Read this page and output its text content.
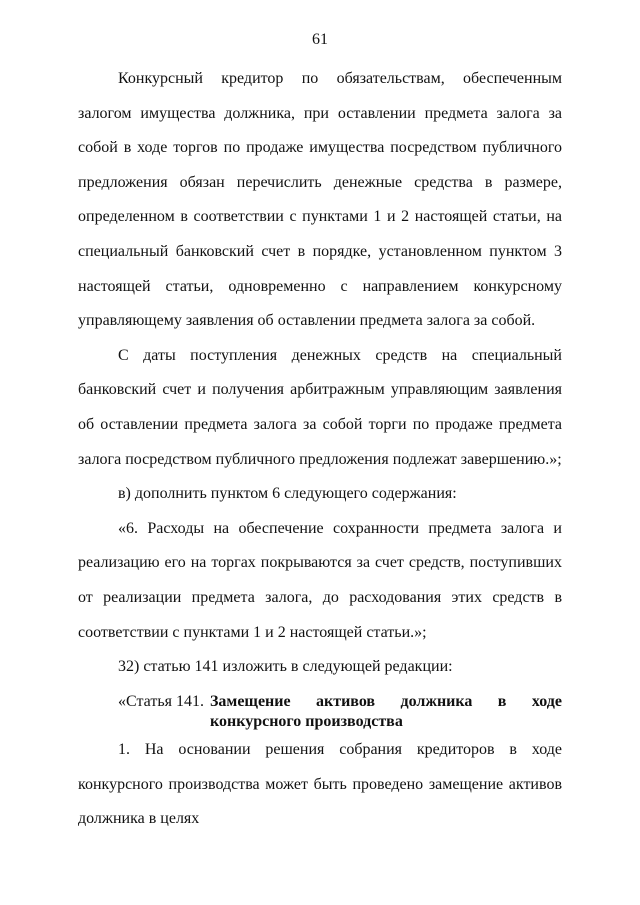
61

Конкурсный кредитор по обязательствам, обеспеченным залогом имущества должника, при оставлении предмета залога за собой в ходе торгов по продаже имущества посредством публичного предложения обязан перечислить денежные средства в размере, определенном в соответствии с пунктами 1 и 2 настоящей статьи, на специальный банковский счет в порядке, установленном пунктом 3 настоящей статьи, одновременно с направлением конкурсному управляющему заявления об оставлении предмета залога за собой.

С даты поступления денежных средств на специальный банковский счет и получения арбитражным управляющим заявления об оставлении предмета залога за собой торги по продаже предмета залога посредством публичного предложения подлежат завершению.»;

в) дополнить пунктом 6 следующего содержания:

«6. Расходы на обеспечение сохранности предмета залога и реализацию его на торгах покрываются за счет средств, поступивших от реализации предмета залога, до расходования этих средств в соответствии с пунктами 1 и 2 настоящей статьи.»;

32) статью 141 изложить в следующей редакции:

«Статья 141. Замещение активов должника в ходе конкурсного производства

1. На основании решения собрания кредиторов в ходе конкурсного производства может быть проведено замещение активов должника в целях
